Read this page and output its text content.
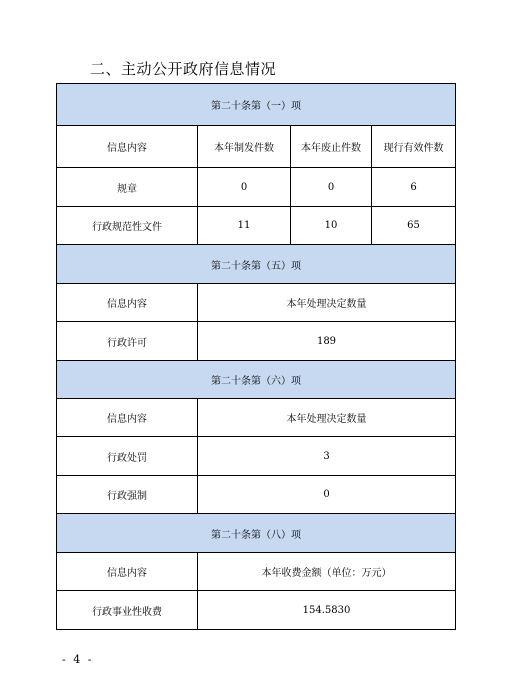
二、主动公开政府信息情况
第二十条第（一）项			
信息内容	本年制发件数	本年废止件数	现行有效件数
规章	0	0	6
行政规范性文件	11	10	65
第二十条第（五）项			
信息内容	本年处理决定数量		
行政许可	189		
第二十条第（六）项			
信息内容	本年处理决定数量		
行政处罚	3		
行政强制	0		
第二十条第（八）项			
信息内容	本年收费金额（单位：万元）		
行政事业性收费	154.5830		
- 4 -
